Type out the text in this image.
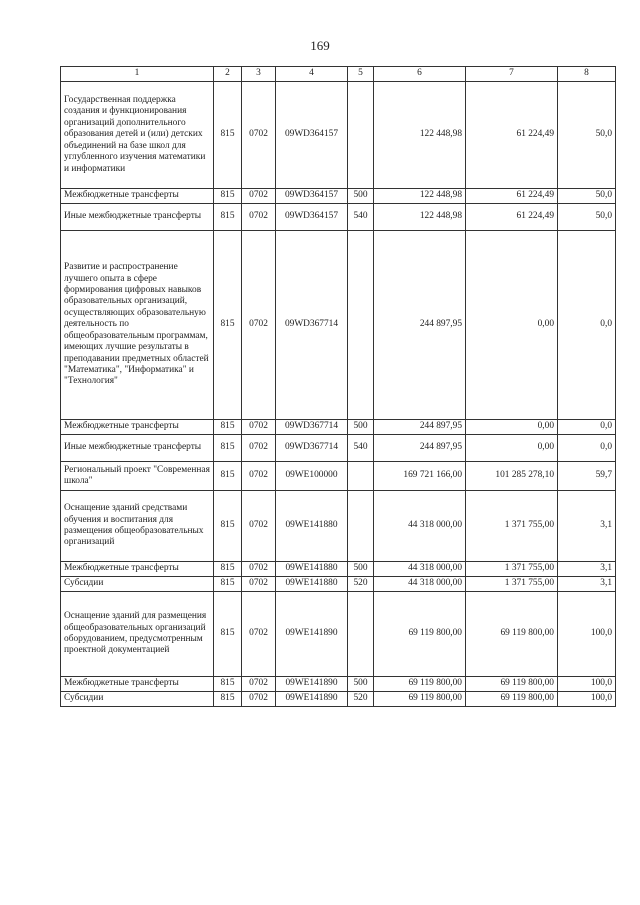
169
1	2	3	4	5	6	7	8
Государственная поддержка создания и функционирования организаций дополнительного образования детей и (или) детских объединений на базе школ для углубленного изучения математики и информатики	815	0702	09WD364157		122 448,98	61 224,49	50,0
Межбюджетные трансферты	815	0702	09WD364157	500	122 448,98	61 224,49	50,0
Иные межбюджетные трансферты	815	0702	09WD364157	540	122 448,98	61 224,49	50,0
Развитие и распространение лучшего опыта в сфере формирования цифровых навыков образовательных организаций, осуществляющих образовательную деятельность по общеобразовательным программам, имеющих лучшие результаты в преподавании предметных областей "Математика", "Информатика" и "Технология"	815	0702	09WD367714		244 897,95	0,00	0,0
Межбюджетные трансферты	815	0702	09WD367714	500	244 897,95	0,00	0,0
Иные межбюджетные трансферты	815	0702	09WD367714	540	244 897,95	0,00	0,0
Региональный проект "Современная школа"	815	0702	09WE100000		169 721 166,00	101 285 278,10	59,7
Оснащение зданий средствами обучения и воспитания для размещения общеобразовательных организаций	815	0702	09WE141880		44 318 000,00	1 371 755,00	3,1
Межбюджетные трансферты	815	0702	09WE141880	500	44 318 000,00	1 371 755,00	3,1
Субсидии	815	0702	09WE141880	520	44 318 000,00	1 371 755,00	3,1
Оснащение зданий для размещения общеобразовательных организаций оборудованием, предусмотренным проектной документацией	815	0702	09WE141890		69 119 800,00	69 119 800,00	100,0
Межбюджетные трансферты	815	0702	09WE141890	500	69 119 800,00	69 119 800,00	100,0
Субсидии	815	0702	09WE141890	520	69 119 800,00	69 119 800,00	100,0
